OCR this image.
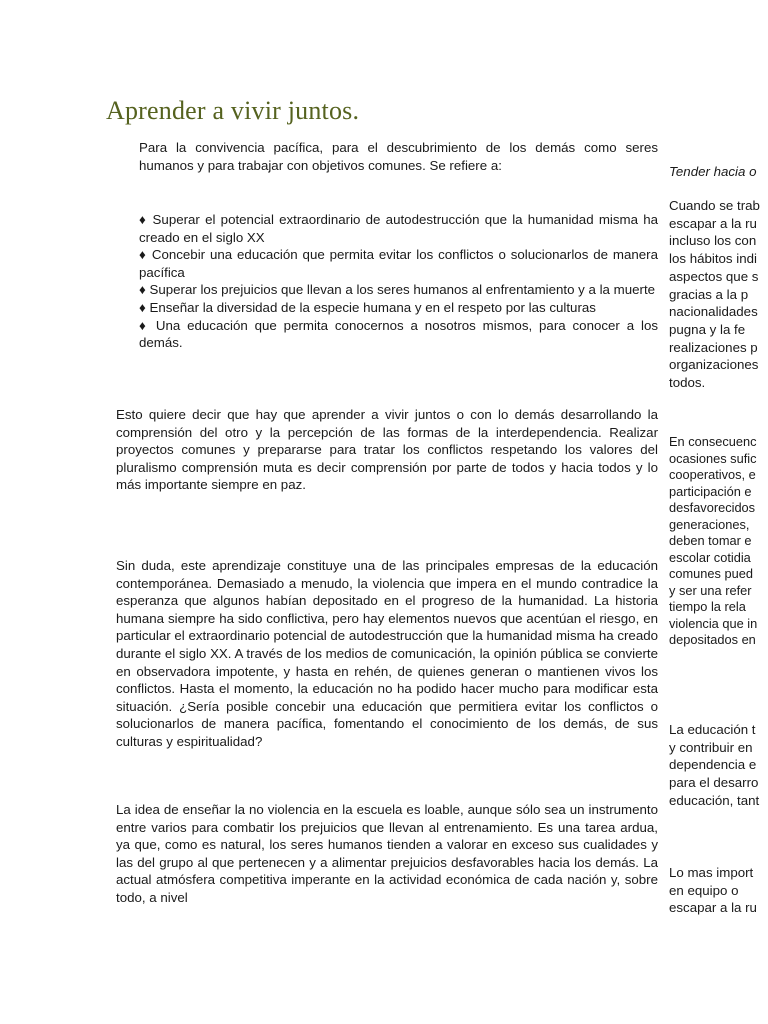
Aprender a vivir juntos.

Para la convivencia pacífica, para el descubrimiento de los demás como seres humanos y para trabajar con objetivos comunes. Se refiere a:

♦ Superar el potencial extraordinario de autodestrucción que la humanidad misma ha creado en el siglo XX

♦ Concebir una educación que permita evitar los conflictos o solucionarlos de manera pacífica

♦ Superar los prejuicios que llevan a los seres humanos al enfrentamiento y a la muerte

♦ Enseñar la diversidad de la especie humana y en el respeto por las culturas

♦ Una educación que permita conocernos a nosotros mismos, para conocer a los demás.

Esto quiere decir que hay que aprender a vivir juntos o con lo demás desarrollando la comprensión del otro y la percepción de las formas de la interdependencia. Realizar proyectos comunes y prepararse para tratar los conflictos respetando los valores del pluralismo comprensión muta es decir comprensión por parte de todos y hacia todos y lo más importante siempre en paz.

Sin duda, este aprendizaje constituye una de las principales empresas de la educación contemporánea. Demasiado a menudo, la violencia que impera en el mundo contradice la esperanza que algunos habían depositado en el progreso de la humanidad. La historia humana siempre ha sido conflictiva, pero hay elementos nuevos que acentúan el riesgo, en particular el extraordinario potencial de autodestrucción que la humanidad misma ha creado durante el siglo XX. A través de los medios de comunicación, la opinión pública se convierte en observadora impotente, y hasta en rehén, de quienes generan o mantienen vivos los conflictos. Hasta el momento, la educación no ha podido hacer mucho para modificar esta situación. ¿Sería posible concebir una educación que permitiera evitar los conflictos o solucionarlos de manera pacífica, fomentando el conocimiento de los demás, de sus culturas y espiritualidad?

La idea de enseñar la no violencia en la escuela es loable, aunque sólo sea un instrumento entre varios para combatir los prejuicios que llevan al entrenamiento. Es una tarea ardua, ya que, como es natural, los seres humanos tienden a valorar en exceso sus cualidades y las del grupo al que pertenecen y a alimentar prejuicios desfavorables hacia los demás. La actual atmósfera competitiva imperante en la actividad económica de cada nación y, sobre todo, a nivel

Tender hacia o

Cuando se trab
escapar a la ru
incluso los con
los hábitos indi
aspectos que s
gracias a la p
nacionalidades
pugna y la fe
realizaciones p
organizaciones
todos.
En consecuenc
ocasiones sufic
cooperativos, e
participación e
desfavorecidos
generaciones,
deben tomar e
escolar cotidia
comunes pued
y ser una refer
tiempo la rela
violencia que in
depositados en
La educación t
y contribuir en
dependencia e
para el desarro
educación, tant
Lo mas import
en equipo o
escapar a la ru
